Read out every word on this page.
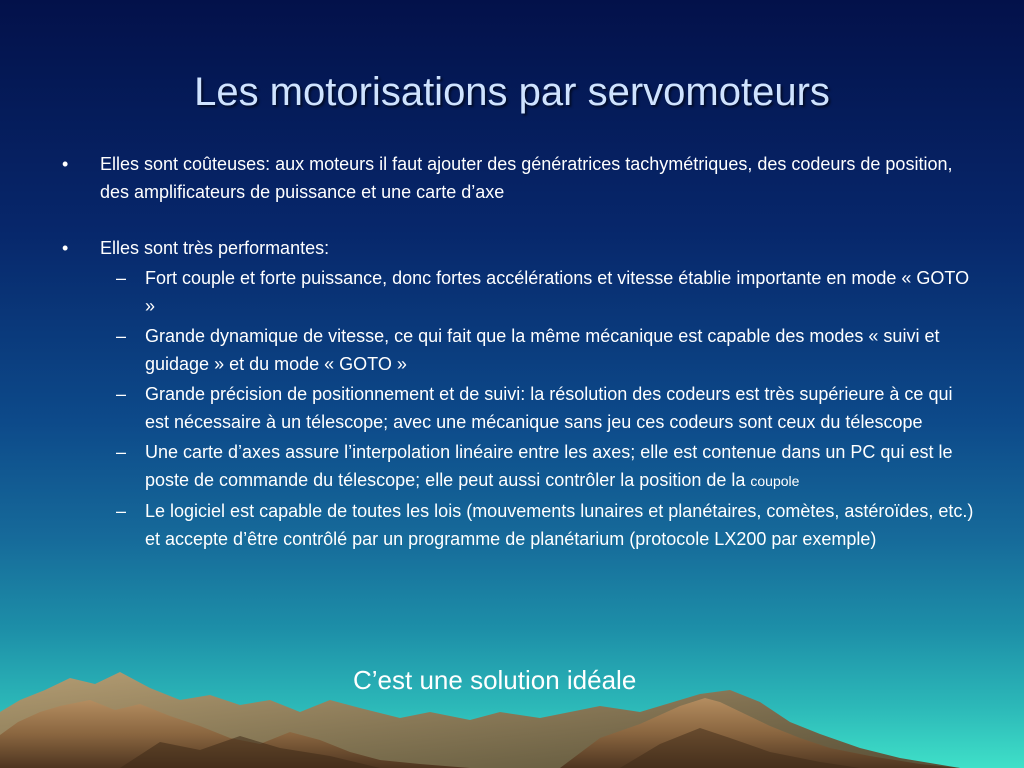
Les motorisations par servomoteurs
• Elles sont coûteuses: aux moteurs il faut ajouter des génératrices tachymétriques, des codeurs de position, des amplificateurs de puissance et une carte d’axe
• Elles sont très performantes:
– Fort couple et forte puissance, donc fortes accélérations et vitesse établie importante en mode « GOTO »
– Grande dynamique de vitesse, ce qui fait que la même mécanique est capable des modes « suivi et guidage » et du mode « GOTO »
– Grande précision de positionnement et de suivi: la résolution des codeurs est très supérieure à ce qui est nécessaire à un télescope; avec une mécanique sans jeu ces codeurs sont ceux du télescope
– Une carte d’axes assure l’interpolation linéaire entre les axes; elle est contenue dans un PC qui est le poste de commande du télescope; elle peut aussi contrôler la position de la coupole
– Le logiciel est capable de toutes les lois (mouvements lunaires et planétaires, comètes, astéroïdes, etc.) et accepte d’être contrôlé par un programme de planétarium (protocole LX200 par exemple)
C’est une solution idéale
